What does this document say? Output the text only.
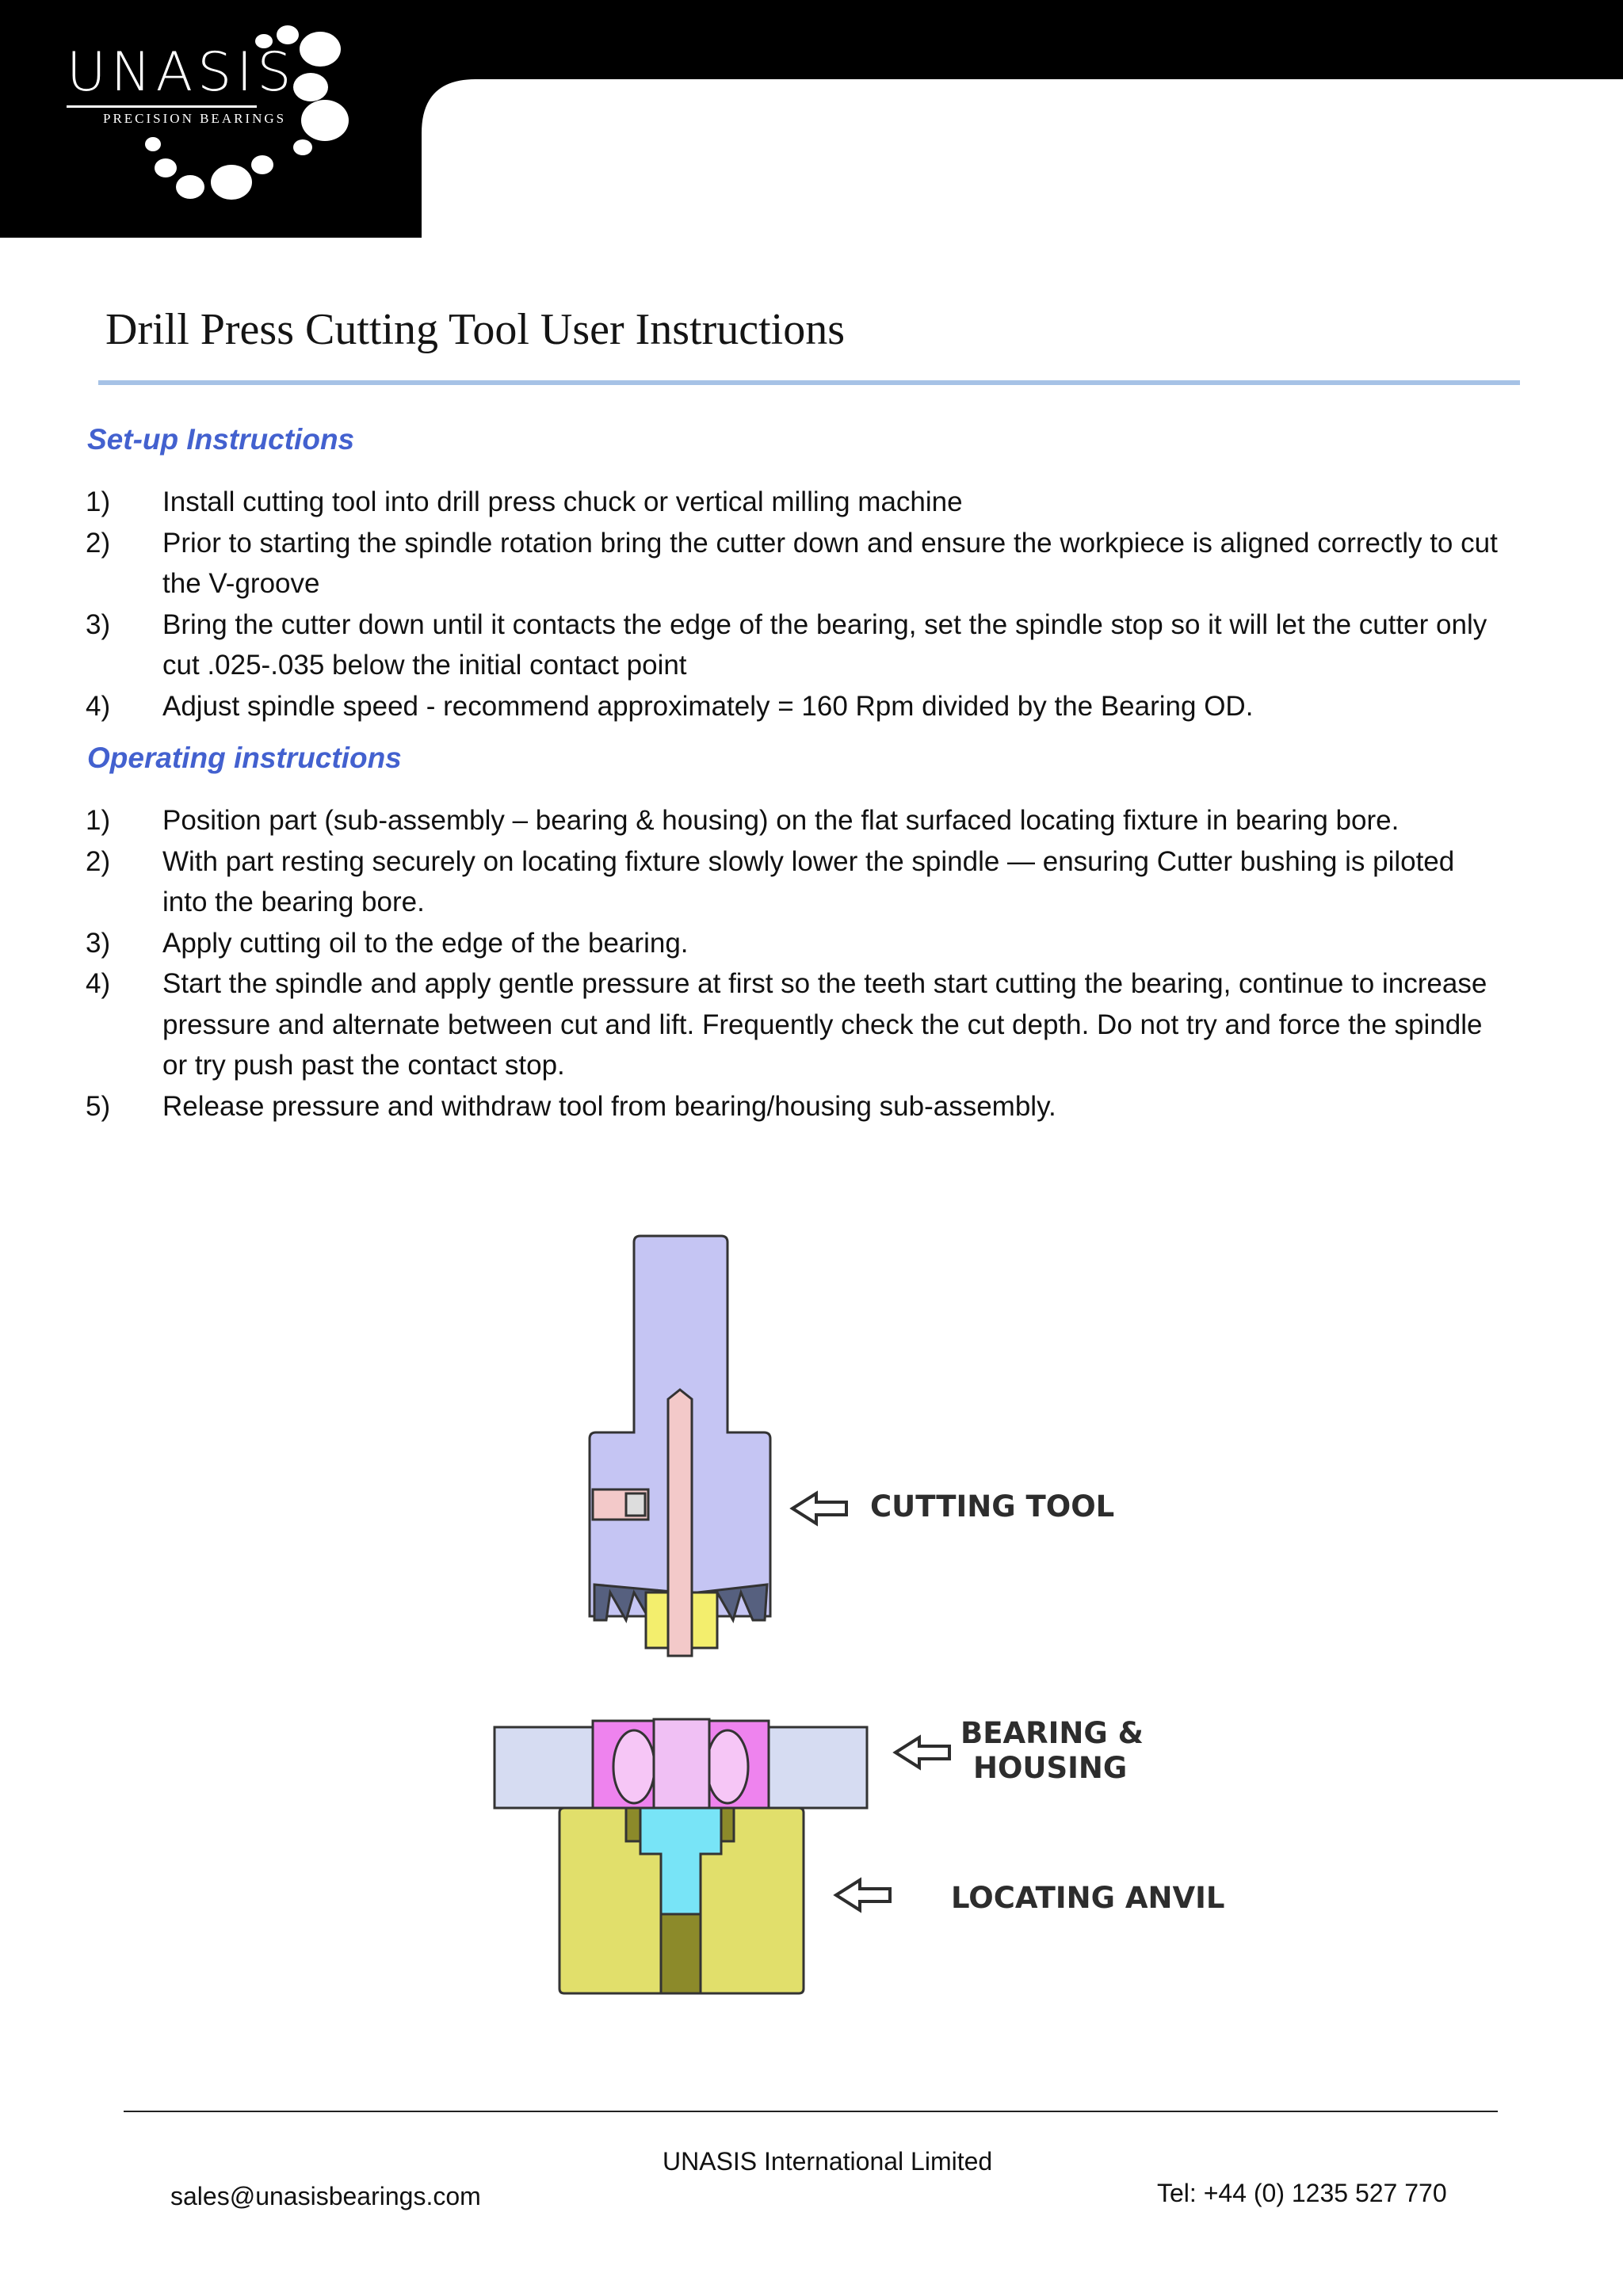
UNASIS
PRECISION BEARINGS
Drill Press Cutting Tool User Instructions
Set-up Instructions
1) Install cutting tool into drill press chuck or vertical milling machine
2) Prior to starting the spindle rotation bring the cutter down and ensure the workpiece is aligned correctly to cut the V-groove
3) Bring the cutter down until it contacts the edge of the bearing, set the spindle stop so it will let the cutter only cut .025-.035 below the initial contact point
4) Adjust spindle speed - recommend approximately = 160 Rpm divided by the Bearing OD.
Operating instructions
1) Position part (sub-assembly – bearing & housing) on the flat surfaced locating fixture in bearing bore.
2) With part resting securely on locating fixture slowly lower the spindle — ensuring Cutter bushing is piloted into the bearing bore.
3) Apply cutting oil to the edge of the bearing.
4) Start the spindle and apply gentle pressure at first so the teeth start cutting the bearing, continue to increase pressure and alternate between cut and lift. Frequently check the cut depth. Do not try and force the spindle or try push past the contact stop.
5) Release pressure and withdraw tool from bearing/housing sub-assembly.
CUTTING TOOL
BEARING &
HOUSING
LOCATING ANVIL
UNASIS International Limited
sales@unasisbearings.com	Tel: +44 (0) 1235 527 770
